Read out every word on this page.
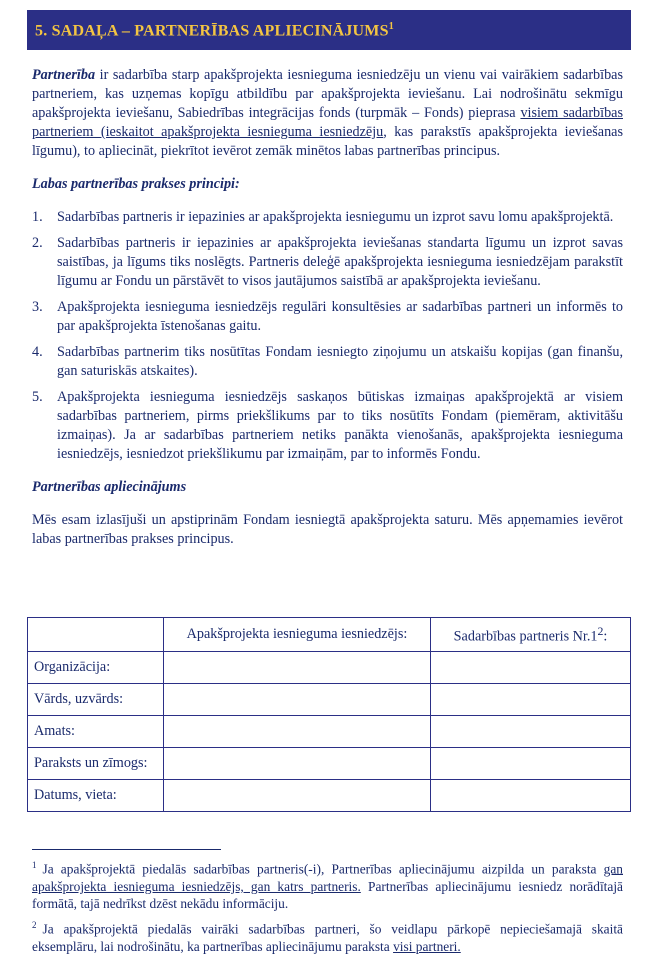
5. SADAĻA – PARTNERĪBAS APLIECINĀJUMS$^1$

Partnerība ir sadarbība starp apakšprojekta iesnieguma iesniedzēju un vienu vai vairākiem sadarbības partneriem, kas uzņemas kopīgu atbildību par apakšprojekta ieviešanu. Lai nodrošinātu sekmīgu apakšprojekta ieviešanu, Sabiedrības integrācijas fonds (turpmāk – Fonds) pieprasa visiem sadarbības partneriem (ieskaitot apakšprojekta iesnieguma iesniedzēju, kas parakstīs apakšprojekta ieviešanas līgumu), to apliecināt, piekrītot ievērot zemāk minētos labas partnerības principus.

Labas partnerības prakses principi:

1.	Sadarbības partneris ir iepazinies ar apakšprojekta iesniegumu un izprot savu lomu apakšprojektā.
2.	Sadarbības partneris ir iepazinies ar apakšprojekta ieviešanas standarta līgumu un izprot savas saistības, ja līgums tiks noslēgts. Partneris deleģē apakšprojekta iesnieguma iesniedzējam parakstīt līgumu ar Fondu un pārstāvēt to visos jautājumos saistībā ar apakšprojekta ieviešanu.
3.	Apakšprojekta iesnieguma iesniedzējs regulāri konsultēsies ar sadarbības partneri un informēs to par apakšprojekta īstenošanas gaitu.
4.	Sadarbības partnerim tiks nosūtītas Fondam iesniegto ziņojumu un atskaišu kopijas (gan finanšu, gan saturiskās atskaites).
5.	Apakšprojekta iesnieguma iesniedzējs saskaņos būtiskas izmaiņas apakšprojektā ar visiem sadarbības partneriem, pirms priekšlikums par to tiks nosūtīts Fondam (piemēram, aktivitāšu izmaiņas). Ja ar sadarbības partneriem netiks panākta vienošanās, apakšprojekta iesnieguma iesniedzējs, iesniedzot priekšlikumu par izmaiņām, par to informēs Fondu.

Partnerības apliecinājums

Mēs esam izlasījuši un apstiprinām Fondam iesniegtā apakšprojekta saturu. Mēs apņemamies ievērot labas partnerības prakses principus.

	Apakšprojekta iesnieguma iesniedzējs:	Sadarbības partneris $Nr.1^2$:
Organizācija:		
Vārds, uzvārds:		
Amats:		
Paraksts un zīmogs:		
Datums, vieta:		

$^1$ Ja apakšprojektā piedalās sadarbības partneris(-i), Partnerības apliecinājumu aizpilda un paraksta gan apakšprojekta iesnieguma iesniedzējs, gan katrs partneris. Partnerības apliecinājumu iesniedz norādītajā formātā, tajā nedrīkst dzēst nekādu informāciju.

$^2$ Ja apakšprojektā piedalās vairāki sadarbības partneri, šo veidlapu pārkopē nepieciešamajā skaitā eksemplāru, lai nodrošinātu, ka partnerības apliecinājumu paraksta visi partneri.
